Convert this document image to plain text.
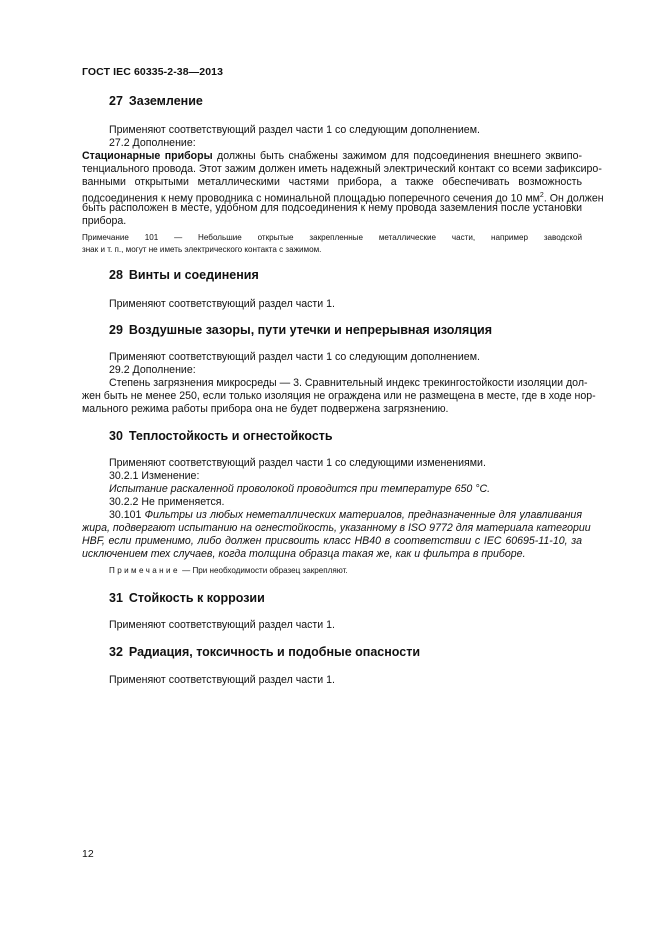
ГОСТ IEC 60335-2-38—2013
27 Заземление
Применяют соответствующий раздел части 1 со следующим дополнением.
27.2 Дополнение:
Стационарные приборы должны быть снабжены зажимом для подсоединения внешнего эквипо-
тенциального провода. Этот зажим должен иметь надежный электрический контакт со всеми зафиксиро-
ванными открытыми металлическими частями прибора, а также обеспечивать возможность
подсоединения к нему проводника с номинальной площадью поперечного сечения до 10 $мм^2$. Он должен
быть расположен в месте, удобном для подсоединения к нему провода заземления после установки
прибора.
Примечание 101 — Небольшие открытые закрепленные металлические части, например заводской
знак и т. п., могут не иметь электрического контакта с зажимом.
28 Винты и соединения
Применяют соответствующий раздел части 1.
29 Воздушные зазоры, пути утечки и непрерывная изоляция
Применяют соответствующий раздел части 1 со следующим дополнением.
29.2 Дополнение:
Степень загрязнения микросреды — 3. Сравнительный индекс трекингостойкости изоляции дол-
жен быть не менее 250, если только изоляция не ограждена или не размещена в месте, где в ходе нор-
мального режима работы прибора она не будет подвержена загрязнению.
30 Теплостойкость и огнестойкость
Применяют соответствующий раздел части 1 со следующими изменениями.
30.2.1 Изменение:
Испытание раскаленной проволокой проводится при температуре 650 °С.
30.2.2 Не применяется.
30.101 Фильтры из любых неметаллических материалов, предназначенные для улавливания
жира, подвергают испытанию на огнестойкость, указанному в ISO 9772 для материала категории
HBF, если применимо, либо должен присвоить класс HB40 в соответствии с IEC 60695-11-10, за
исключением тех случаев, когда толщина образца такая же, как и фильтра в приборе.
Примечание — При необходимости образец закрепляют.
31 Стойкость к коррозии
Применяют соответствующий раздел части 1.
32 Радиация, токсичность и подобные опасности
Применяют соответствующий раздел части 1.
12
